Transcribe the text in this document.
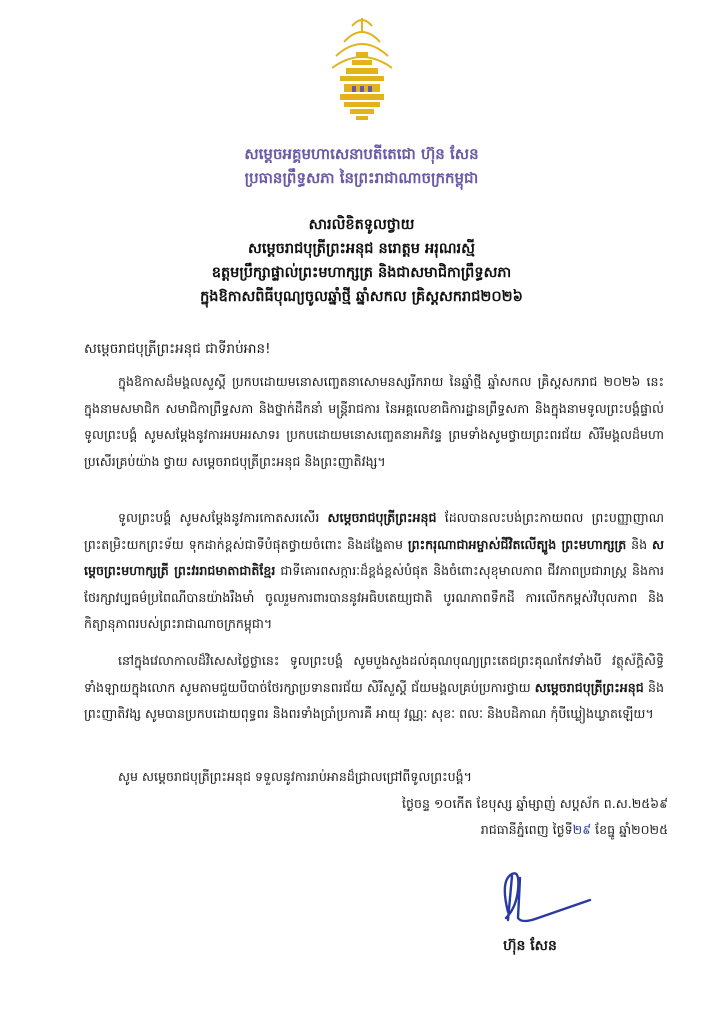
សម្តេចអគ្គមហាសេនាបតីតេជោ ហ៊ុន សែន
ប្រធានព្រឹទ្ធសភា នៃព្រះរាជាណាចក្រកម្ពុជា
សារលិខិតទូលថ្វាយ
សម្តេចរាជបុត្រីព្រះអនុជ នរោត្តម អរុណរស្មី
ឧត្តមប្រឹក្សាផ្ទាល់ព្រះមហាក្សត្រ និងជាសមាជិកាព្រឹទ្ធសភា
ក្នុងឱកាសពិធីបុណ្យចូលឆ្នាំថ្មី ឆ្នាំសកល គ្រិស្តសករាជ២០២៦
សម្តេចរាជបុត្រីព្រះអនុជ ជាទីរាប់អាន!
ក្នុងឱកាសដ៏មង្គលសួស្តី ប្រកបដោយមនោសញ្ចេតនាសោមនស្សរីករាយ នៃឆ្នាំថ្មី ឆ្នាំសកល គ្រិស្តសករាជ ២០២៦ នេះ ក្នុងនាមសមាជិក សមាជិកាព្រឹទ្ធសភា និងថ្នាក់ដឹកនាំ មន្ត្រីរាជការ នៃអគ្គលេខាធិការដ្ឋានព្រឹទ្ធសភា និងក្នុងនាមទូលព្រះបង្គំផ្ទាល់ ទូលព្រះបង្គំ សូមសម្តែងនូវការអបអរសាទរ ប្រកបដោយមនោសញ្ចេតនាអភិវន្ទ ព្រមទាំងសូមថ្វាយព្រះពរជ័យ សិរីមង្គលដ៏មហាប្រសើរគ្រប់យ៉ាង ថ្វាយ សម្តេចរាជបុត្រីព្រះអនុជ និងព្រះញាតិវង្ស។
ទូលព្រះបង្គំ សូមសម្តែងនូវការកោតសរសើរ សម្តេចរាជបុត្រីព្រះអនុជ ដែលបានលះបង់ព្រះកាយពល ព្រះបញ្ញាញាណ ព្រះតម្រិះយកព្រះទ័យ ទុកដាក់ខ្ពស់ជាទីបំផុតថ្វាយចំពោះ និងដង្ហែតាម ព្រះករុណាជាអម្ចាស់ជីវិតលើត្បូង ព្រះមហាក្សត្រ និង សម្តេចព្រះមហាក្សត្រី ព្រះវររាជមាតាជាតិខ្មែរ ជាទីគោរពសក្ការៈដ៏ខ្ពង់ខ្ពស់បំផុត និងចំពោះសុខុមាលភាព ជីវភាពប្រជារាស្ត្រ និងការថែរក្សាវប្បធម៌ប្រពៃណីបានយ៉ាងរឹងមាំ ចូលរួមការពារបាននូវអធិបតេយ្យជាតិ បូរណភាពទឹកដី ការលើកកម្ពស់វិបុលភាព និងកិត្យានុភាពរបស់ព្រះរាជាណាចក្រកម្ពុជា។
នៅក្នុងវេលាកាលដ៏វិសេសថ្លៃថ្លានេះ ទូលព្រះបង្គំ សូមបួងសួងដល់គុណបុណ្យព្រះតេជព្រះគុណកែវទាំងបី វត្ថុស័ក្តិសិទ្ធិទាំងឡាយក្នុងលោក សូមតាមជួយបីបាច់ថែរក្សាប្រទានពរជ័យ សិរីសួស្តី ជ័យមង្គលគ្រប់ប្រការថ្វាយ សម្តេចរាជបុត្រីព្រះអនុជ និងព្រះញាតិវង្ស សូមបានប្រកបដោយពុទ្ធពរ និងពរទាំងប្រាំប្រការគឺ អាយុ វណ្ណៈ សុខៈ ពលៈ និងបដិភាណ កុំបីឃ្លៀងឃ្លាតឡើយ។
សូម សម្តេចរាជបុត្រីព្រះអនុជ ទទួលនូវការរាប់អានដ៏ជ្រាលជ្រៅពីទូលព្រះបង្គំ។
ថ្ងៃចន្ទ ១០កើត ខែបុស្ស ឆ្នាំម្សាញ់ សប្តស័ក ព.ស.២៥៦៩
រាជធានីភ្នំពេញ ថ្ងៃទី២៩ ខែធ្នូ ឆ្នាំ២០២៥
ហ៊ុន សែន
